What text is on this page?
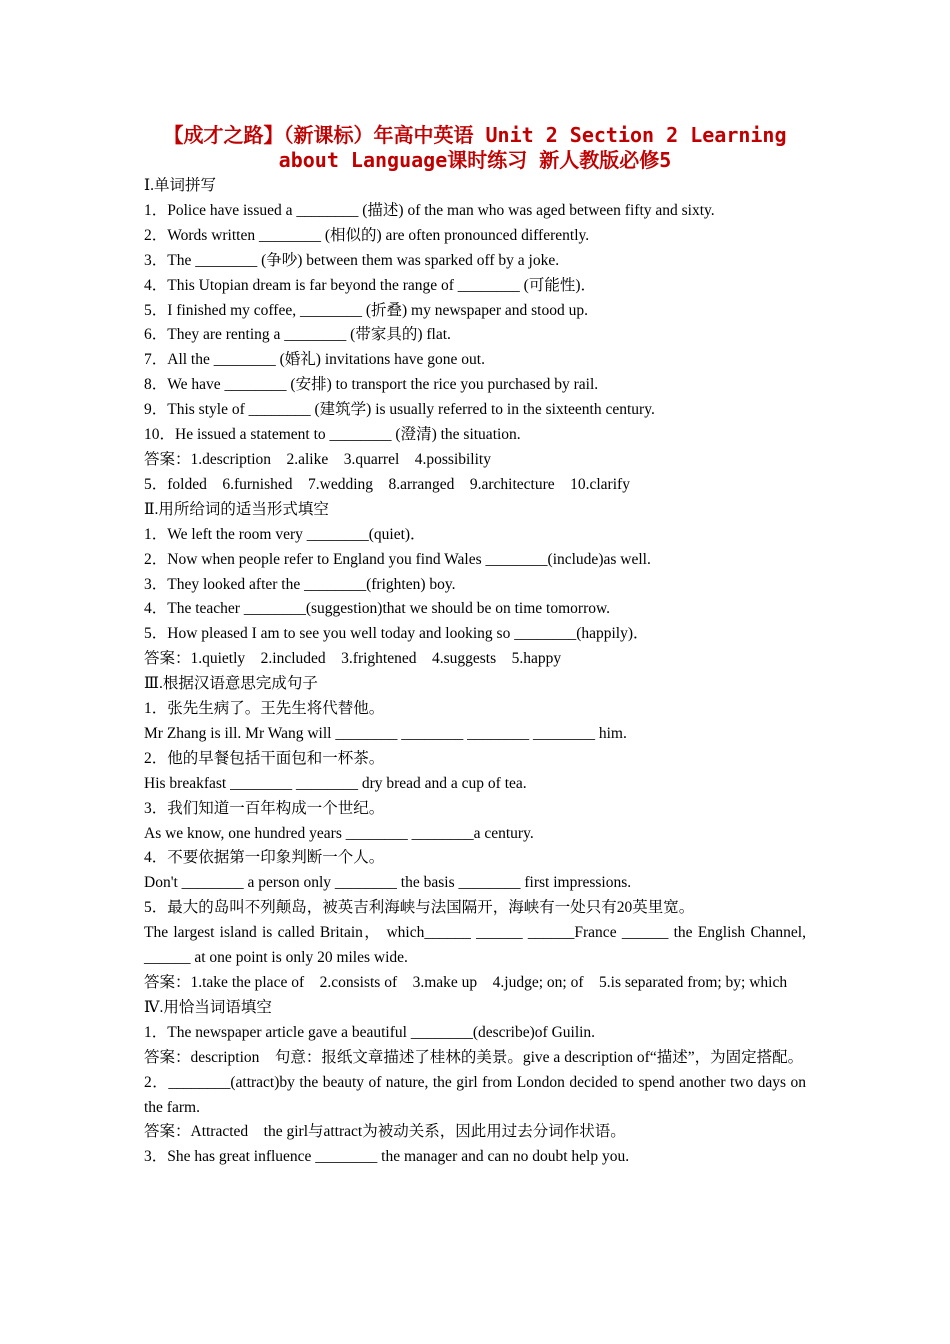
【成才之路】（新课标）年高中英语 Unit 2 Section 2 Learning
about Language课时练习 新人教版必修5
Ⅰ.单词拼写
1．Police have issued a ________ (描述) of the man who was aged between fifty and sixty.
2．Words written ________ (相似的) are often pronounced differently.
3．The ________ (争吵) between them was sparked off by a joke.
4．This Utopian dream is far beyond the range of ________ (可能性)．
5．I finished my coffee, ________ (折叠) my newspaper and stood up.
6．They are renting a ________ (带家具的) flat.
7．All the ________ (婚礼) invitations have gone out.
8．We have ________ (安排) to transport the rice you purchased by rail.
9．This style of ________ (建筑学) is usually referred to in the sixteenth century.
10．He issued a statement to ________ (澄清) the situation.
答案：1.description　2.alike　3.quarrel　4.possibility
5．folded　6.furnished　7.wedding　8.arranged　9.architecture　10.clarify
Ⅱ.用所给词的适当形式填空
1．We left the room very ________(quiet)．
2．Now when people refer to England you find Wales ________(include)as well.
3．They looked after the ________(frighten) boy.
4．The teacher ________(suggestion)that we should be on time tomorrow.
5．How pleased I am to see you well today and looking so ________(happily)．
答案：1.quietly　2.included　3.frightened　4.suggests　5.happy
Ⅲ.根据汉语意思完成句子
1．张先生病了。王先生将代替他。
Mr Zhang is ill. Mr Wang will ________ ________ ________ ________ him.
2．他的早餐包括干面包和一杯茶。
His breakfast ________ ________ dry bread and a cup of tea.
3．我们知道一百年构成一个世纪。
As we know, one hundred years ________ ________a century.
4．不要依据第一印象判断一个人。
Don't ________ a person only ________ the basis ________ first impressions.
5．最大的岛叫不列颠岛，被英吉利海峡与法国隔开，海峡有一处只有20英里宽。
The largest island is called Britain， which______ ______ ______France ______ the English Channel, ______ at one point is only 20 miles wide.
答案：1.take the place of　2.consists of　3.make up　4.judge; on; of　5.is separated from; by; which
Ⅳ.用恰当词语填空
1．The newspaper article gave a beautiful ________(describe)of Guilin.
答案：description　句意：报纸文章描述了桂林的美景。give a description of“描述”，为固定搭配。
2．________(attract)by the beauty of nature, the girl from London decided to spend another two days on the farm.
答案：Attracted　the girl与attract为被动关系，因此用过去分词作状语。
3．She has great influence ________ the manager and can no doubt help you.
